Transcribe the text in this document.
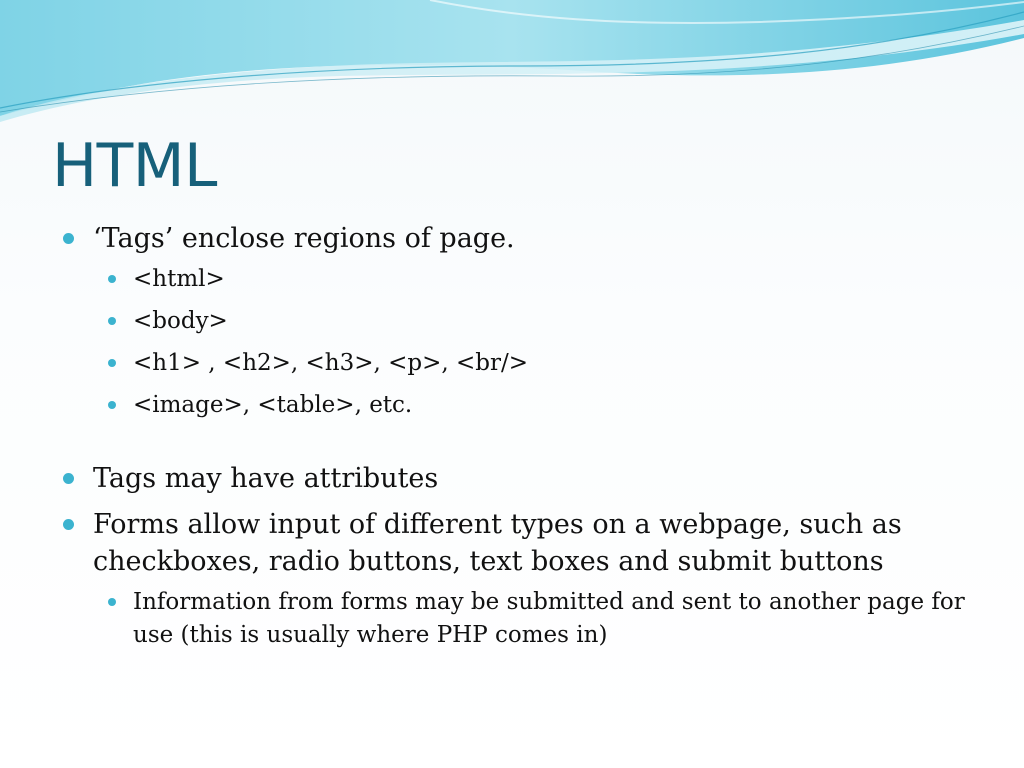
HTML

‘Tags’ enclose regions of page.

<html>

<body>

<h1> , <h2>, <h3>, <p>, <br/>

<image>, <table>, etc.

Tags may have attributes

Forms allow input of different types on a webpage, such as checkboxes, radio buttons, text boxes and submit buttons

Information from forms may be submitted and sent to another page for use (this is usually where PHP comes in)
